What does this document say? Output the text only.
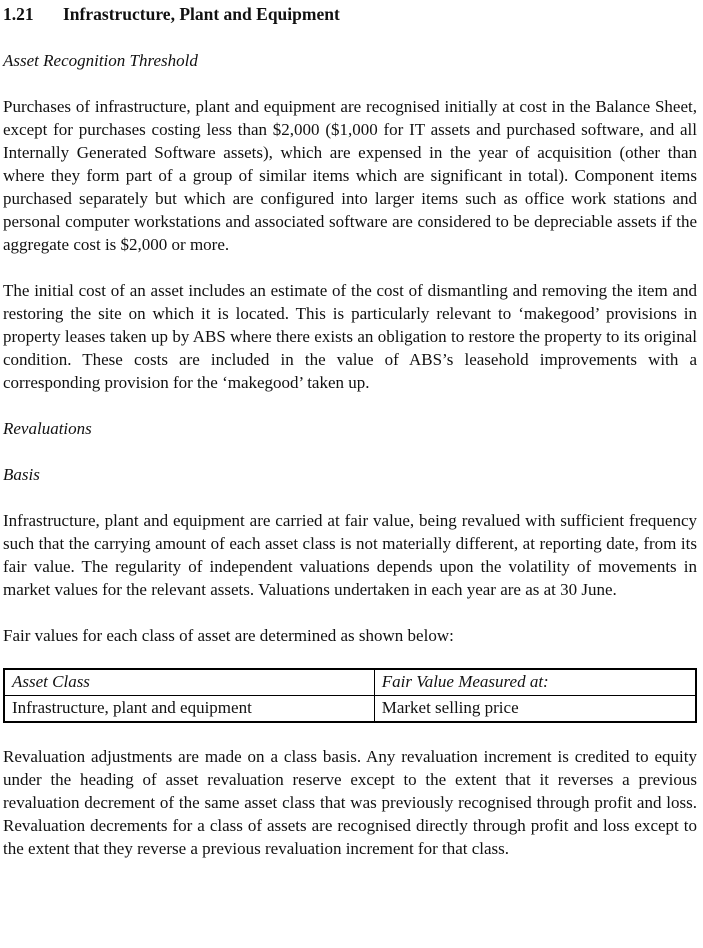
1.21 Infrastructure, Plant and Equipment

Asset Recognition Threshold

Purchases of infrastructure, plant and equipment are recognised initially at cost in the Balance Sheet, except for purchases costing less than $2,000 ($1,000 for IT assets and purchased software, and all Internally Generated Software assets), which are expensed in the year of acquisition (other than where they form part of a group of similar items which are significant in total). Component items purchased separately but which are configured into larger items such as office work stations and personal computer workstations and associated software are considered to be depreciable assets if the aggregate cost is $2,000 or more.

The initial cost of an asset includes an estimate of the cost of dismantling and removing the item and restoring the site on which it is located. This is particularly relevant to ‘makegood’ provisions in property leases taken up by ABS where there exists an obligation to restore the property to its original condition. These costs are included in the value of ABS’s leasehold improvements with a corresponding provision for the ‘makegood’ taken up.

Revaluations

Basis

Infrastructure, plant and equipment are carried at fair value, being revalued with sufficient frequency such that the carrying amount of each asset class is not materially different, at reporting date, from its fair value. The regularity of independent valuations depends upon the volatility of movements in market values for the relevant assets. Valuations undertaken in each year are as at 30 June.

Fair values for each class of asset are determined as shown below:

Asset Class	Fair Value Measured at:
Infrastructure, plant and equipment	Market selling price

Revaluation adjustments are made on a class basis. Any revaluation increment is credited to equity under the heading of asset revaluation reserve except to the extent that it reverses a previous revaluation decrement of the same asset class that was previously recognised through profit and loss. Revaluation decrements for a class of assets are recognised directly through profit and loss except to the extent that they reverse a previous revaluation increment for that class.
